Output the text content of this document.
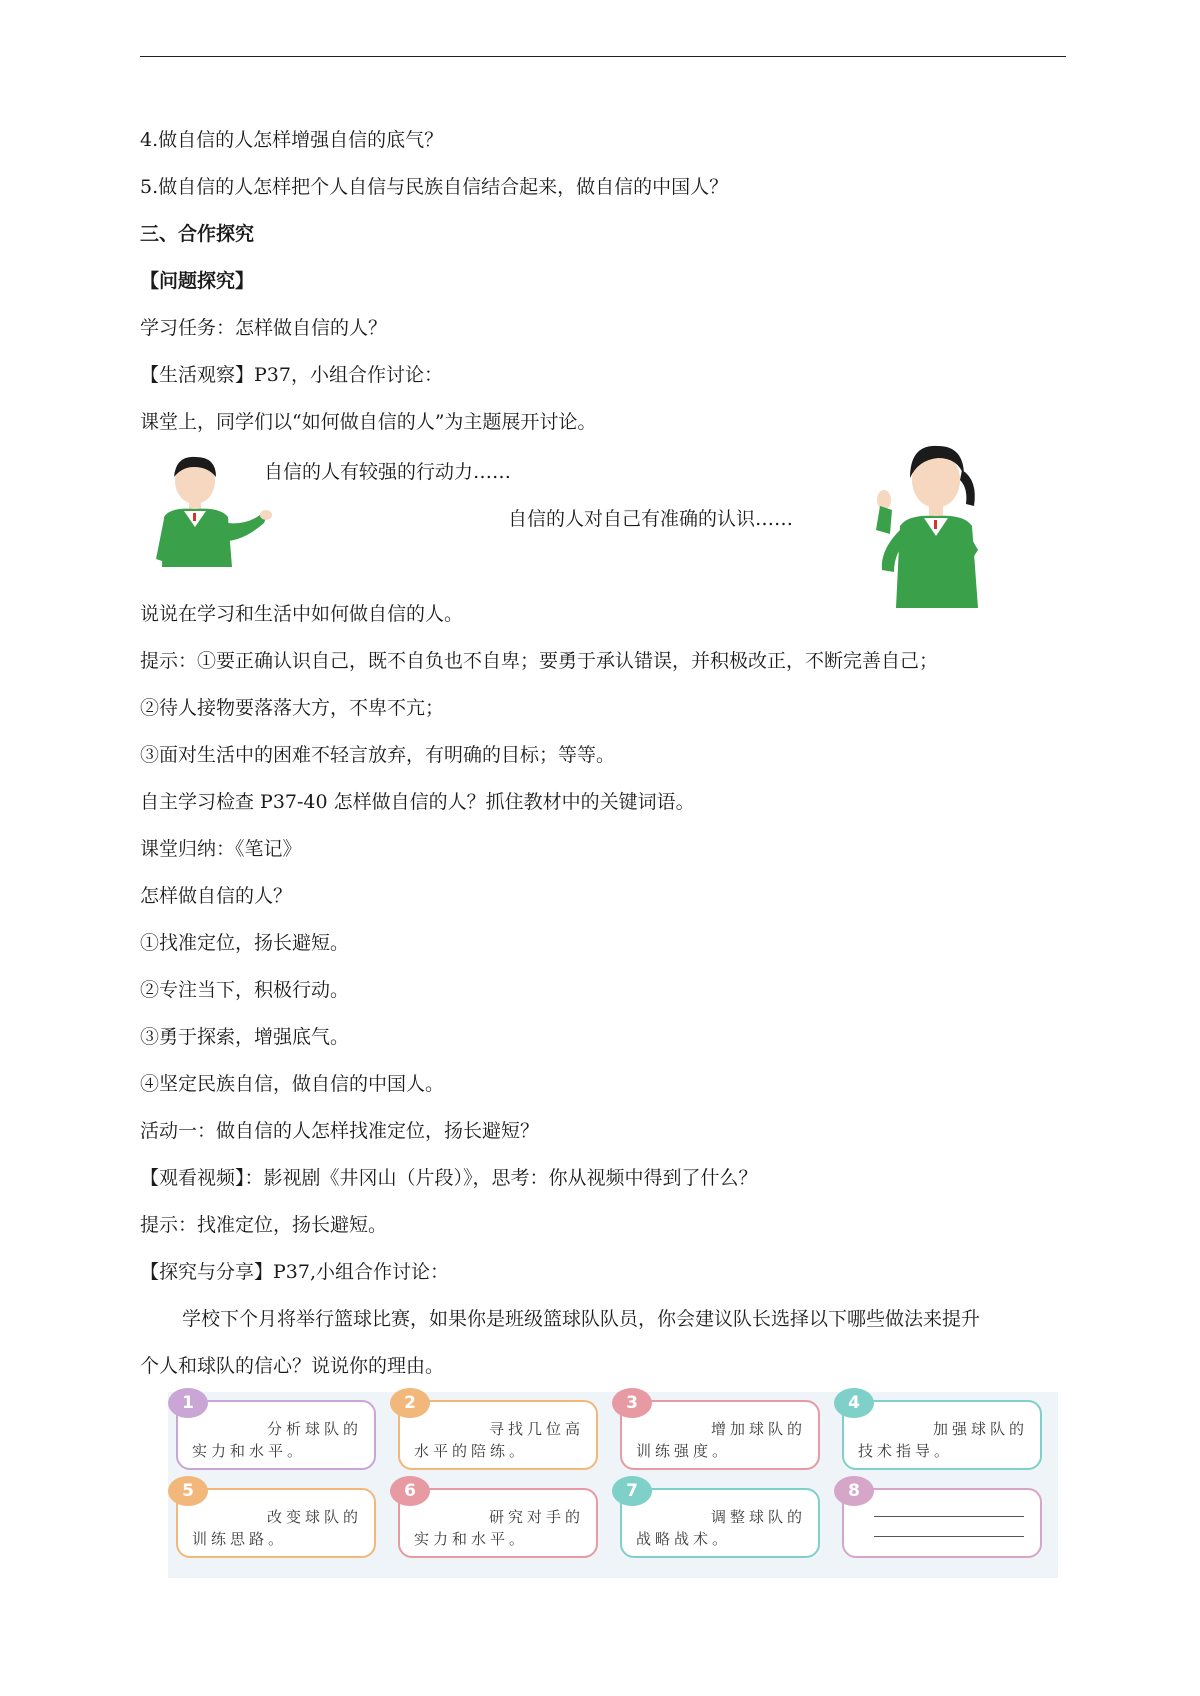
4.做自信的人怎样增强自信的底气？
5.做自信的人怎样把个人自信与民族自信结合起来，做自信的中国人？
三、合作探究
【问题探究】
学习任务：怎样做自信的人？
【生活观察】P37，小组合作讨论：
课堂上，同学们以“如何做自信的人”为主题展开讨论。
自信的人有较强的行动力……
自信的人对自己有准确的认识……
说说在学习和生活中如何做自信的人。
提示：①要正确认识自己，既不自负也不自卑；要勇于承认错误，并积极改正，不断完善自己；
②待人接物要落落大方，不卑不亢；
③面对生活中的困难不轻言放弃，有明确的目标；等等。
自主学习检查 P37-40 怎样做自信的人？抓住教材中的关键词语。
课堂归纳：《笔记》
怎样做自信的人？
①找准定位，扬长避短。
②专注当下，积极行动。
③勇于探索，增强底气。
④坚定民族自信，做自信的中国人。
活动一：做自信的人怎样找准定位，扬长避短？
【观看视频】：影视剧《井冈山（片段）》，思考：你从视频中得到了什么？
提示：找准定位，扬长避短。
【探究与分享】P37,小组合作讨论：
学校下个月将举行篮球比赛，如果你是班级篮球队队员，你会建议队长选择以下哪些做法来提升
个人和球队的信心？说说你的理由。
1
分析球队的
实力和水平。
2
寻找几位高
水平的陪练。
3
增加球队的
训练强度。
4
加强球队的
技术指导。
5
改变球队的
训练思路。
6
研究对手的
实力和水平。
7
调整球队的
战略战术。
8
